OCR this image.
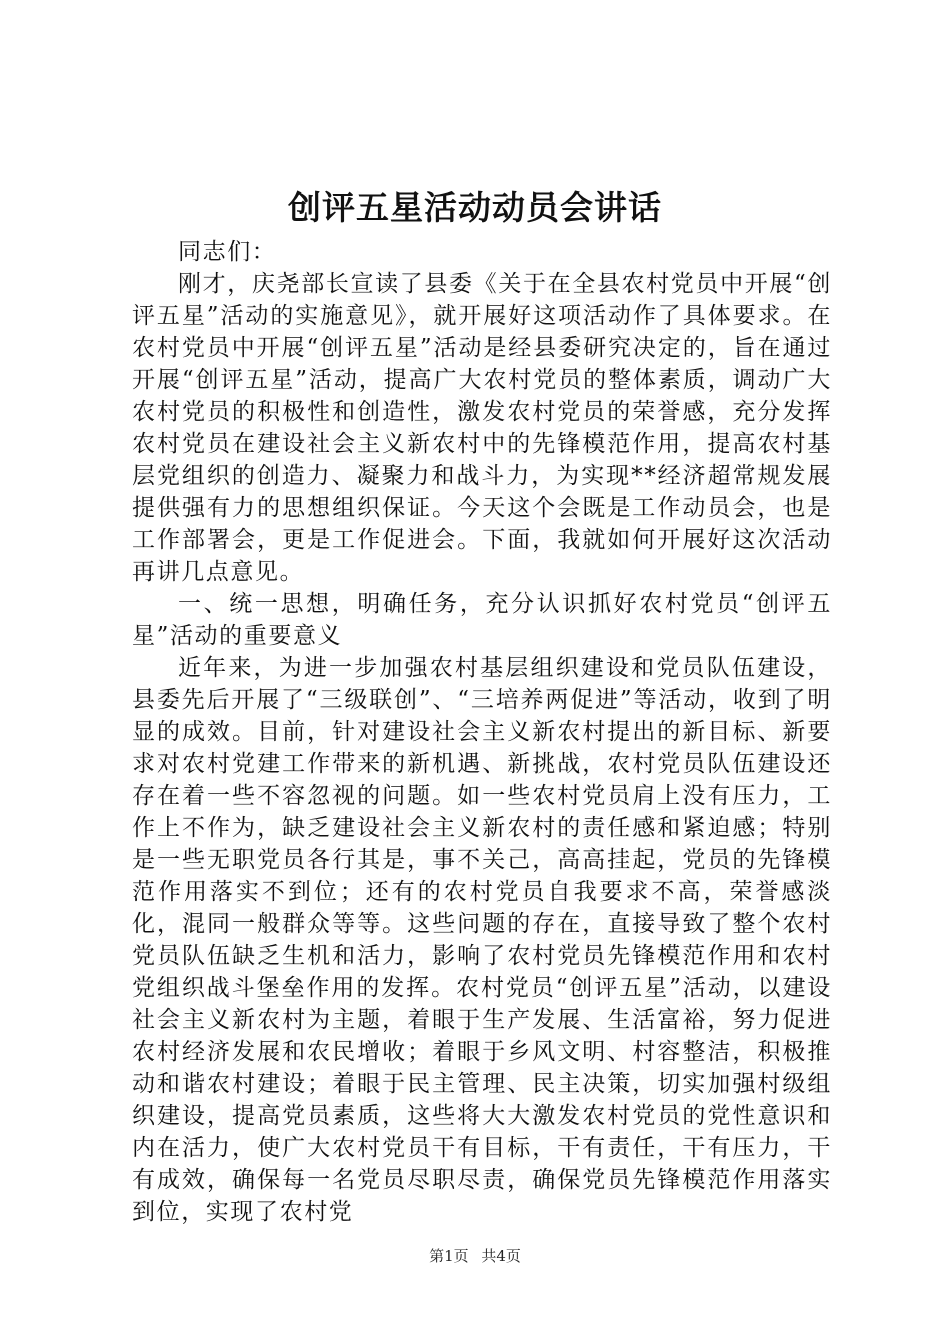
创评五星活动动员会讲话

同志们：

刚才，庆尧部长宣读了县委《关于在全县农村党员中开展“创评五星”活动的实施意见》，就开展好这项活动作了具体要求。在农村党员中开展“创评五星”活动是经县委研究决定的，旨在通过开展“创评五星”活动，提高广大农村党员的整体素质，调动广大农村党员的积极性和创造性，激发农村党员的荣誉感，充分发挥农村党员在建设社会主义新农村中的先锋模范作用，提高农村基层党组织的创造力、凝聚力和战斗力，为实现**经济超常规发展提供强有力的思想组织保证。今天这个会既是工作动员会，也是工作部署会，更是工作促进会。下面，我就如何开展好这次活动再讲几点意见。

一、统一思想，明确任务，充分认识抓好农村党员“创评五星”活动的重要意义

近年来，为进一步加强农村基层组织建设和党员队伍建设，县委先后开展了“三级联创”、“三培养两促进”等活动，收到了明显的成效。目前，针对建设社会主义新农村提出的新目标、新要求对农村党建工作带来的新机遇、新挑战，农村党员队伍建设还存在着一些不容忽视的问题。如一些农村党员肩上没有压力，工作上不作为，缺乏建设社会主义新农村的责任感和紧迫感；特别是一些无职党员各行其是，事不关己，高高挂起，党员的先锋模范作用落实不到位；还有的农村党员自我要求不高，荣誉感淡化，混同一般群众等等。这些问题的存在，直接导致了整个农村党员队伍缺乏生机和活力，影响了农村党员先锋模范作用和农村党组织战斗堡垒作用的发挥。农村党员“创评五星”活动，以建设社会主义新农村为主题，着眼于生产发展、生活富裕，努力促进农村经济发展和农民增收；着眼于乡风文明、村容整洁，积极推动和谐农村建设；着眼于民主管理、民主决策，切实加强村级组织建设，提高党员素质，这些将大大激发农村党员的党性意识和内在活力，使广大农村党员干有目标，干有责任，干有压力，干有成效，确保每一名党员尽职尽责，确保党员先锋模范作用落实到位，实现了农村党

第1页 共4页
